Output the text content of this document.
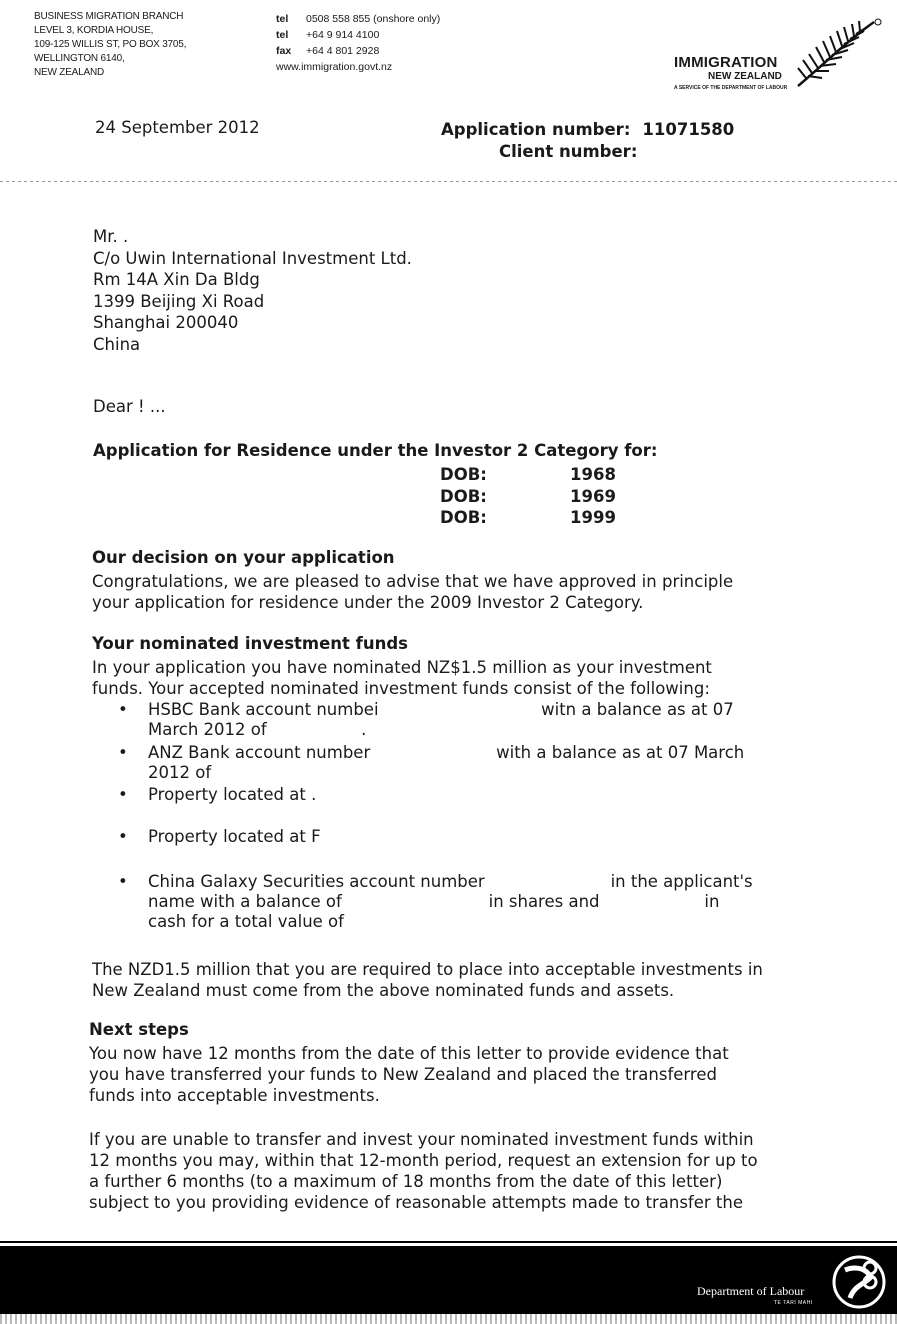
BUSINESS MIGRATION BRANCH
LEVEL 3, KORDIA HOUSE,
109-125 WILLIS ST, PO BOX 3705,
WELLINGTON 6140,
NEW ZEALAND
tel 0508 558 855 (onshore only)
tel +64 9 914 4100
fax +64 4 801 2928
www.immigration.govt.nz	IMMIGRATION
NEW ZEALAND
A SERVICE OF THE DEPARTMENT OF LABOUR
24 September 2012	Application number: 11071580
Client number:
Mr. .
C/o Uwin International Investment Ltd.
Rm 14A Xin Da Bldg
1399 Beijing Xi Road
Shanghai 200040
China
Dear ! ...
Application for Residence under the Investor 2 Category for:
DOB:	1968
DOB:	1969
DOB:	1999
Our decision on your application
Congratulations, we are pleased to advise that we have approved in principle
your application for residence under the 2009 Investor 2 Category.
Your nominated investment funds
In your application you have nominated NZ$1.5 million as your investment
funds. Your accepted nominated investment funds consist of the following:
• HSBC Bank account numbei                               witn a balance as at 07
March 2012 of                  .
• ANZ Bank account number                        with a balance as at 07 March
2012 of
• Property located at .
• Property located at F
• China Galaxy Securities account number                        in the applicant's
name with a balance of                            in shares and                    in
cash for a total value of
The NZD1.5 million that you are required to place into acceptable investments in
New Zealand must come from the above nominated funds and assets.
Next steps
You now have 12 months from the date of this letter to provide evidence that
you have transferred your funds to New Zealand and placed the transferred
funds into acceptable investments.
If you are unable to transfer and invest your nominated investment funds within
12 months you may, within that 12-month period, request an extension for up to
a further 6 months (to a maximum of 18 months from the date of this letter)
subject to you providing evidence of reasonable attempts made to transfer the
Department of Labour
TE TARI MAHI
